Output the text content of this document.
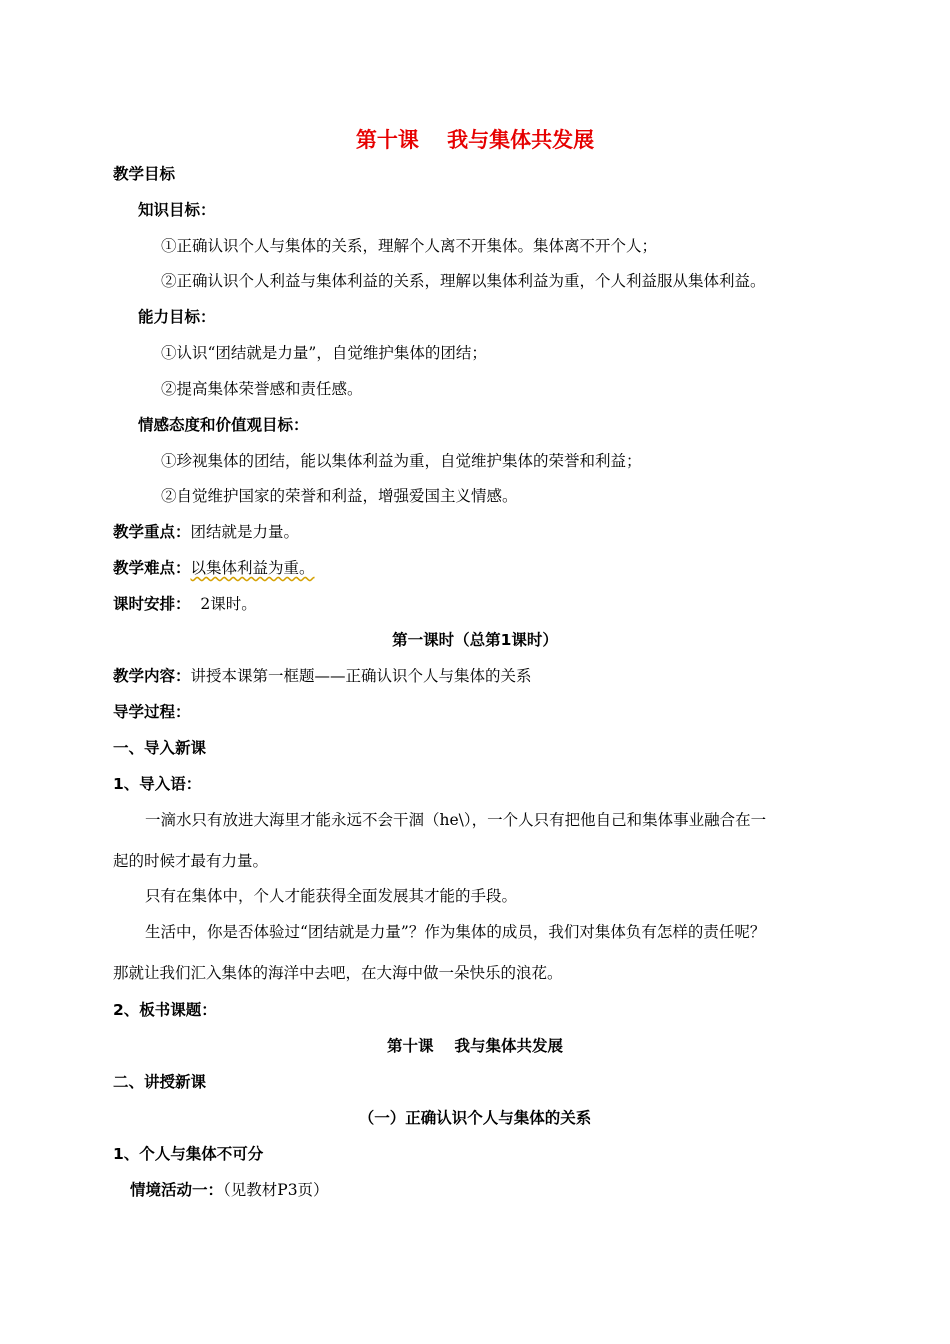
第十课　 我与集体共发展
教学目标
知识目标：
①正确认识个人与集体的关系，理解个人离不开集体。集体离不开个人；
②正确认识个人利益与集体利益的关系，理解以集体利益为重，个人利益服从集体利益。
能力目标：
①认识“团结就是力量”，自觉维护集体的团结；
②提高集体荣誉感和责任感。
情感态度和价值观目标：
①珍视集体的团结，能以集体利益为重，自觉维护集体的荣誉和利益；
②自觉维护国家的荣誉和利益，增强爱国主义情感。
教学重点：团结就是力量。
教学难点：以集体利益为重。
课时安排：  2课时。
第一课时（总第1课时）
教学内容：讲授本课第一框题——正确认识个人与集体的关系
导学过程：
一、导入新课
1、导入语：
一滴水只有放进大海里才能永远不会干涸（he\），一个人只有把他自己和集体事业融合在一
起的时候才最有力量。
只有在集体中，个人才能获得全面发展其才能的手段。
生活中，你是否体验过“团结就是力量”？作为集体的成员，我们对集体负有怎样的责任呢？
那就让我们汇入集体的海洋中去吧，在大海中做一朵快乐的浪花。
2、板书课题：
第十课　 我与集体共发展
二、讲授新课
（一）正确认识个人与集体的关系
1、个人与集体不可分
情境活动一：（见教材P3页）
